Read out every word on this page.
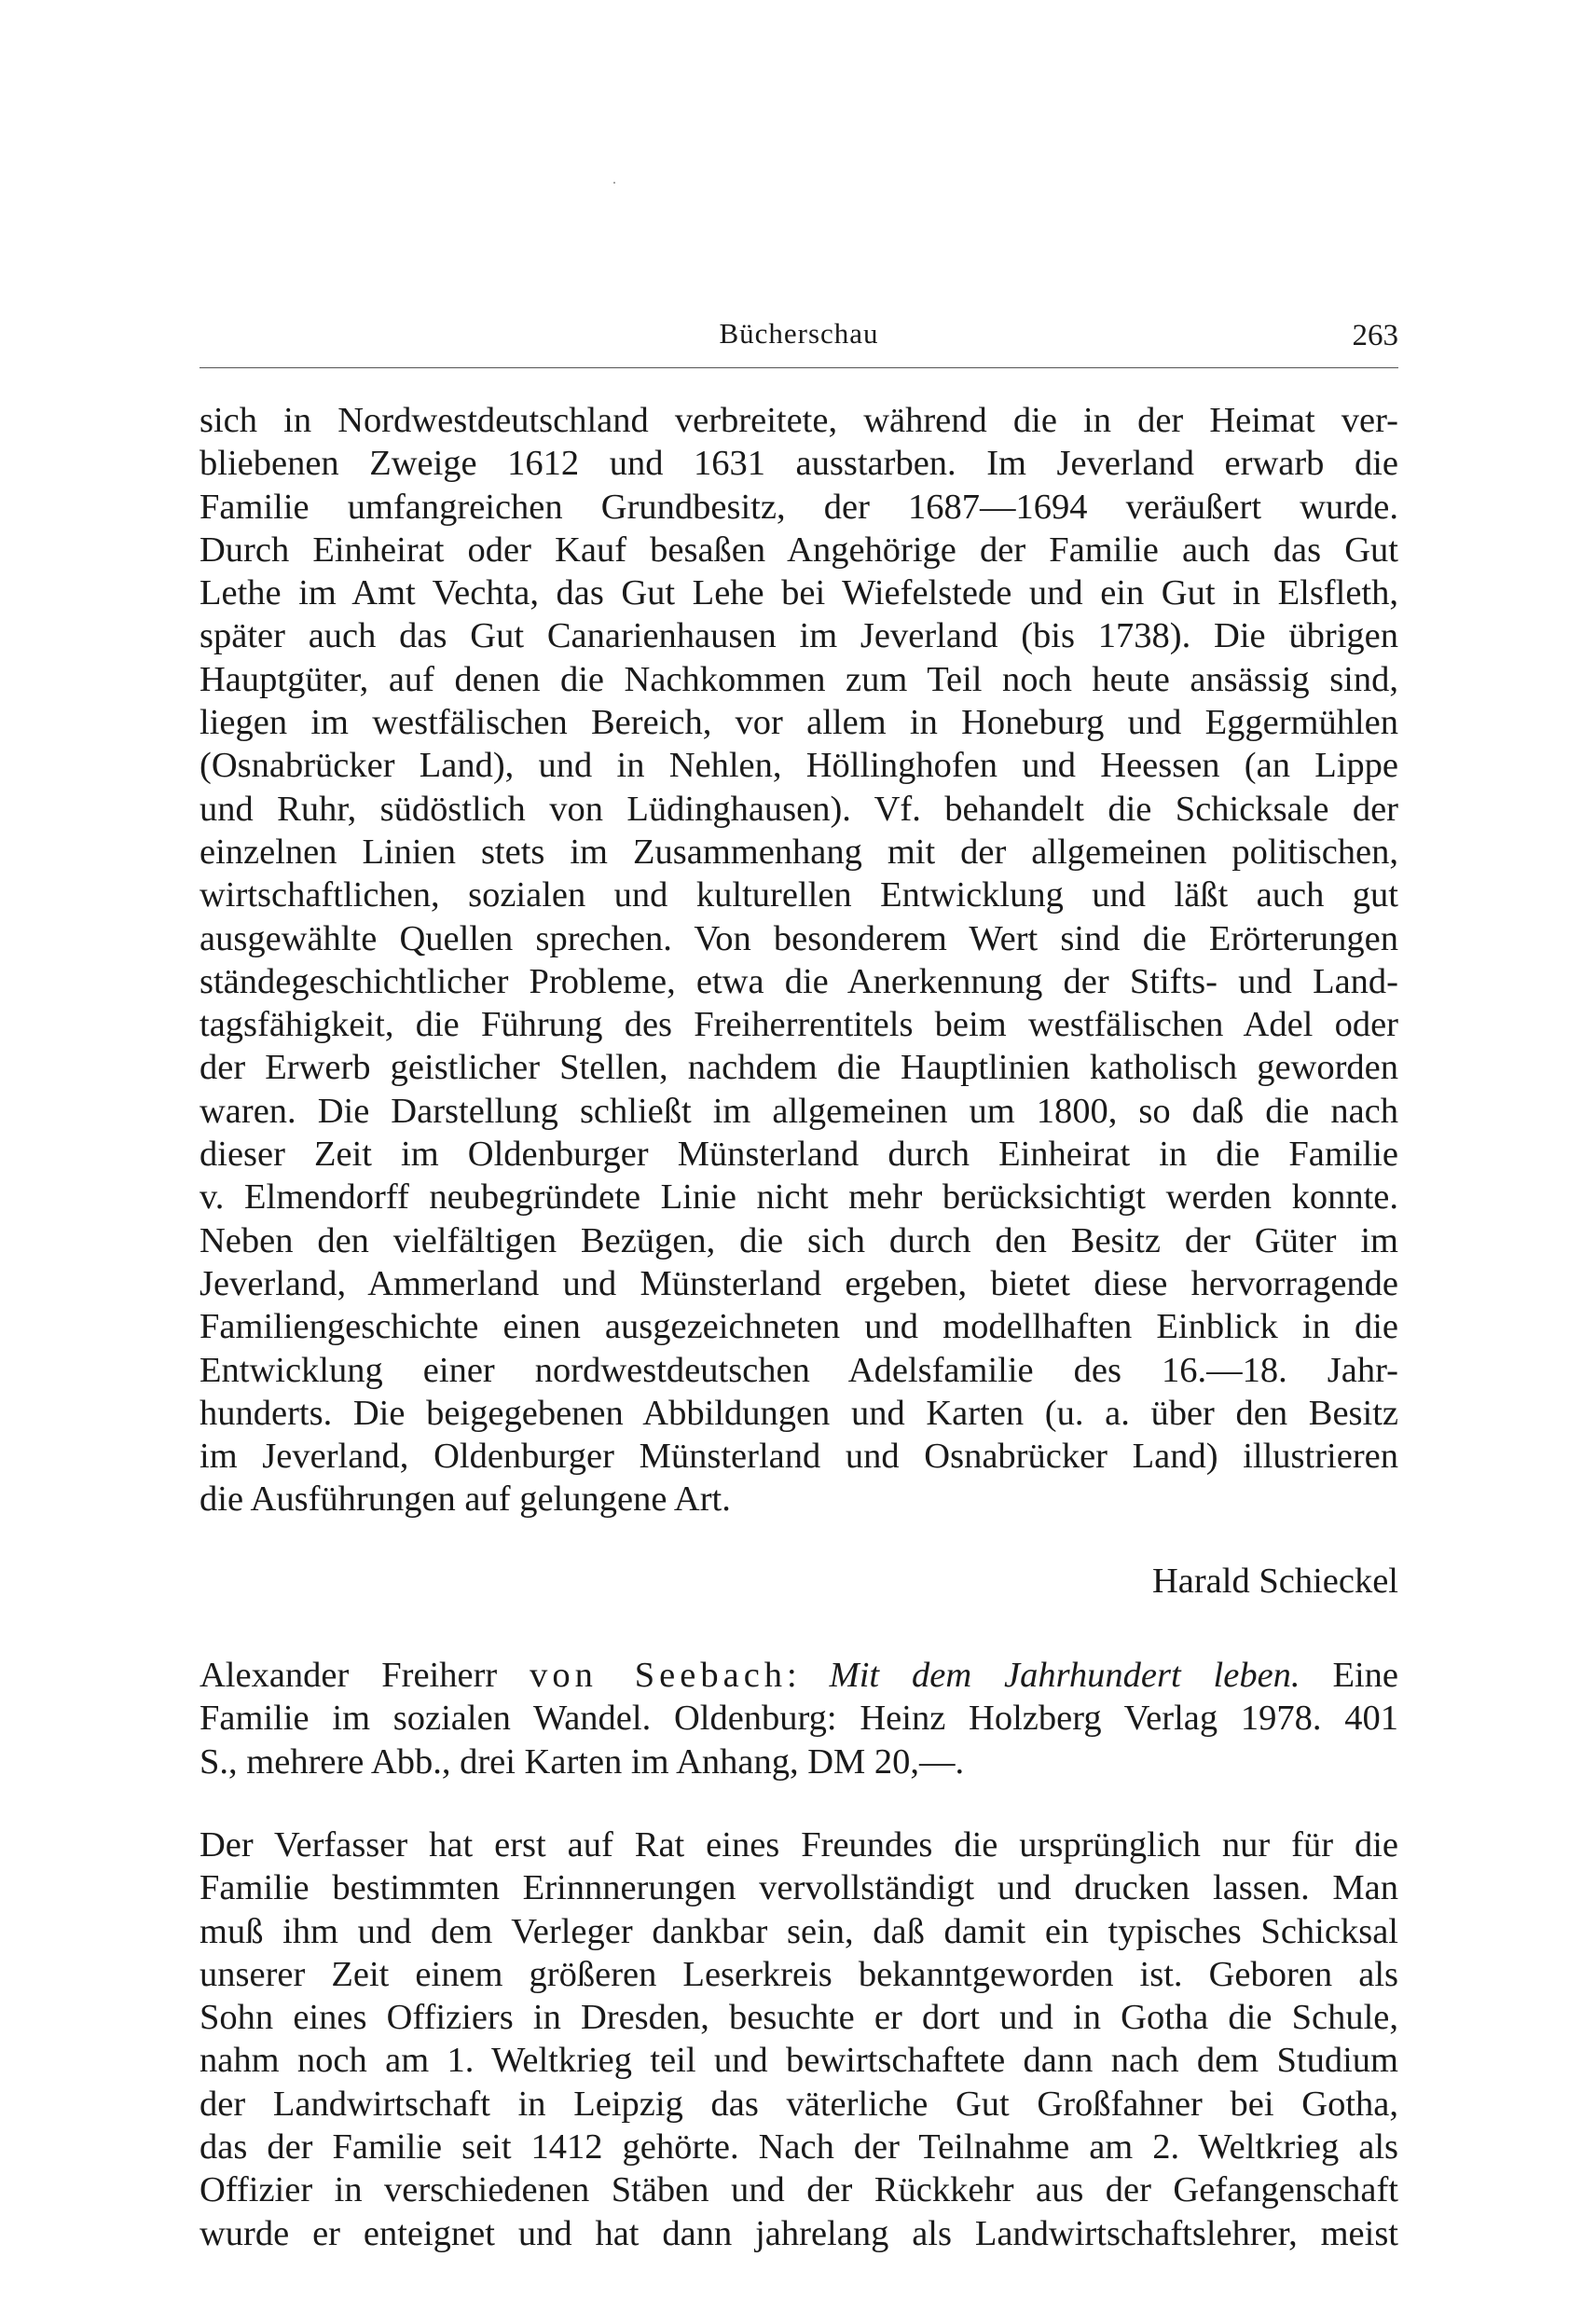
Bücherschau	263
sich in Nordwestdeutschland verbreitete, während die in der Heimat ver-
bliebenen Zweige 1612 und 1631 ausstarben. Im Jeverland erwarb die
Familie umfangreichen Grundbesitz, der 1687—1694 veräußert wurde.
Durch Einheirat oder Kauf besaßen Angehörige der Familie auch das Gut
Lethe im Amt Vechta, das Gut Lehe bei Wiefelstede und ein Gut in Elsfleth,
später auch das Gut Canarienhausen im Jeverland (bis 1738). Die übrigen
Hauptgüter, auf denen die Nachkommen zum Teil noch heute ansässig sind,
liegen im westfälischen Bereich, vor allem in Honeburg und Eggermühlen
(Osnabrücker Land), und in Nehlen, Höllinghofen und Heessen (an Lippe
und Ruhr, südöstlich von Lüdinghausen). Vf. behandelt die Schicksale der
einzelnen Linien stets im Zusammenhang mit der allgemeinen politischen,
wirtschaftlichen, sozialen und kulturellen Entwicklung und läßt auch gut
ausgewählte Quellen sprechen. Von besonderem Wert sind die Erörterungen
ständegeschichtlicher Probleme, etwa die Anerkennung der Stifts- und Land-
tagsfähigkeit, die Führung des Freiherrentitels beim westfälischen Adel oder
der Erwerb geistlicher Stellen, nachdem die Hauptlinien katholisch geworden
waren. Die Darstellung schließt im allgemeinen um 1800, so daß die nach
dieser Zeit im Oldenburger Münsterland durch Einheirat in die Familie
v. Elmendorff neubegründete Linie nicht mehr berücksichtigt werden konnte.
Neben den vielfältigen Bezügen, die sich durch den Besitz der Güter im
Jeverland, Ammerland und Münsterland ergeben, bietet diese hervorragende
Familiengeschichte einen ausgezeichneten und modellhaften Einblick in die
Entwicklung einer nordwestdeutschen Adelsfamilie des 16.—18. Jahr-
hunderts. Die beigegebenen Abbildungen und Karten (u. a. über den Besitz
im Jeverland, Oldenburger Münsterland und Osnabrücker Land) illustrieren
die Ausführungen auf gelungene Art.
Harald Schieckel
Alexander Freiherr von Seebach: Mit dem Jahrhundert leben. Eine
Familie im sozialen Wandel. Oldenburg: Heinz Holzberg Verlag 1978. 401
S., mehrere Abb., drei Karten im Anhang, DM 20,—.
Der Verfasser hat erst auf Rat eines Freundes die ursprünglich nur für die
Familie bestimmten Erinnnerungen vervollständigt und drucken lassen. Man
muß ihm und dem Verleger dankbar sein, daß damit ein typisches Schicksal
unserer Zeit einem größeren Leserkreis bekanntgeworden ist. Geboren als
Sohn eines Offiziers in Dresden, besuchte er dort und in Gotha die Schule,
nahm noch am 1. Weltkrieg teil und bewirtschaftete dann nach dem Studium
der Landwirtschaft in Leipzig das väterliche Gut Großfahner bei Gotha,
das der Familie seit 1412 gehörte. Nach der Teilnahme am 2. Weltkrieg als
Offizier in verschiedenen Stäben und der Rückkehr aus der Gefangenschaft
wurde er enteignet und hat dann jahrelang als Landwirtschaftslehrer, meist
